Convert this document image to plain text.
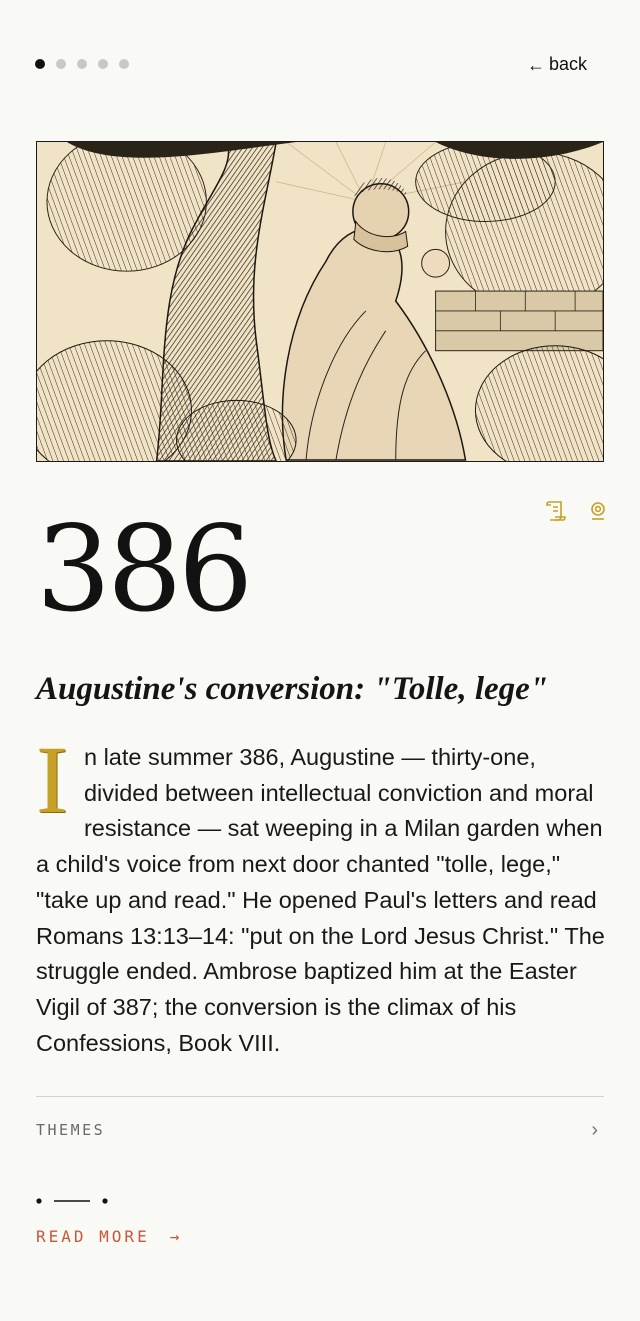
← back
386
Augustine's conversion: "Tolle, lege"
In late summer 386, Augustine — thirty-one, divided between intellectual conviction and moral resistance — sat weeping in a Milan garden when a child's voice from next door chanted "tolle, lege," "take up and read." He opened Paul's letters and read Romans 13:13–14: "put on the Lord Jesus Christ." The struggle ended. Ambrose baptized him at the Easter Vigil of 387; the conversion is the climax of his Confessions, Book VIII.
THEMES	›
READ MORE →
